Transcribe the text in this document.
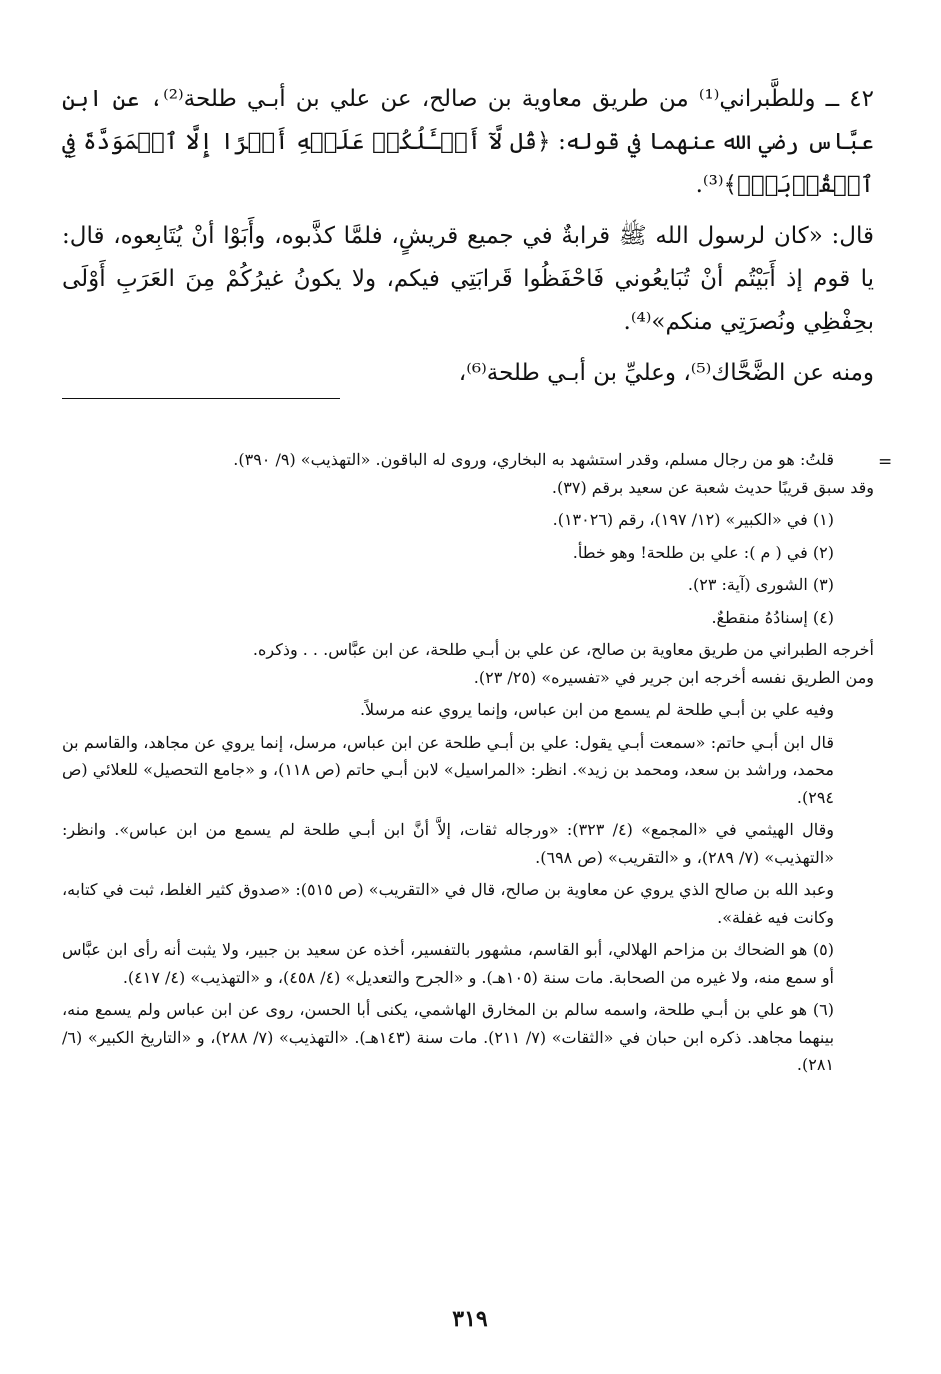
٤٢ ــ وللطَّبراني⁽¹⁾ من طريق معاوية بن صالح، عن علي بن أبـي طلحة⁽²⁾، عن ابن عبَّاس رضي الله عنهما في قوله: ﴿قُل لَّآ أَسۡـَٔلُكُمۡ عَلَيۡهِ أَجۡرًا إِلَّا ٱلۡمَوَدَّةَ فِي ٱلۡقُرۡبَىٰۗ﴾⁽³⁾.

قال: «كان لرسول الله ﷺ قرابةٌ في جميع قريشٍ، فلمَّا كذَّبوه، وأَبَوْا أنْ يُتَابِعوه، قال: يا قوم إذ أَبَيْتُم أنْ تُبَايعُوني فَاحْفَظُوا قَرابَتِي فيكم، ولا يكونُ غيرُكُمْ مِنَ العَرَبِ أَوْلَى بحِفْظِي ونُصرَتِي منكم»⁽⁴⁾.

ومنه عن الضَّحَّاك⁽⁵⁾، وعليِّ بن أبـي طلحة⁽⁶⁾،

=

قلتُ: هو من رجال مسلم، وقدر استشهد به البخاري، وروى له الباقون. «التهذيب» (٩/ ٣٩٠).

وقد سبق قريبًا حديث شعبة عن سعيد برقم (٣٧).

(١) في «الكبير» (١٢/ ١٩٧)، رقم (١٣٠٢٦).

(٢) في ( م ): علي بن طلحة! وهو خطأ.

(٣) الشورى (آية: ٢٣).

(٤) إسنادُهُ منقطعٌ.

أخرجه الطبراني من طريق معاوية بن صالح، عن علي بن أبـي طلحة، عن ابن عبَّاس. . . وذكره.

ومن الطريق نفسه أخرجه ابن جرير في «تفسيره» (٢٥/ ٢٣).

وفيه علي بن أبـي طلحة لم يسمع من ابن عباس، وإنما يروي عنه مرسلاً.

قال ابن أبـي حاتم: «سمعت أبـي يقول: علي بن أبـي طلحة عن ابن عباس، مرسل، إنما يروي عن مجاهد، والقاسم بن محمد، وراشد بن سعد، ومحمد بن زيد». انظر: «المراسيل» لابن أبـي حاتم (ص ١١٨)، و «جامع التحصيل» للعلائي (ص ٢٩٤).

وقال الهيثمي في «المجمع» (٤/ ٣٢٣): «ورجاله ثقات، إلاَّ أنَّ ابن أبـي طلحة لم يسمع من ابن عباس». وانظر: «التهذيب» (٧/ ٢٨٩)، و «التقريب» (ص ٦٩٨).

وعبد الله بن صالح الذي يروي عن معاوية بن صالح، قال في «التقريب» (ص ٥١٥): «صدوق كثير الغلط، ثبت في كتابه، وكانت فيه غفلة».

(٥) هو الضحاك بن مزاحم الهلالي، أبو القاسم، مشهور بالتفسير، أخذه عن سعيد بن جبير، ولا يثبت أنه رأى ابن عبَّاس أو سمع منه، ولا غيره من الصحابة. مات سنة (١٠٥هـ). و «الجرح والتعديل» (٤/ ٤٥٨)، و «التهذيب» (٤/ ٤١٧).

(٦) هو علي بن أبـي طلحة، واسمه سالم بن المخارق الهاشمي، يكنى أبا الحسن، روى عن ابن عباس ولم يسمع منه، بينهما مجاهد. ذكره ابن حبان في «الثقات» (٧/ ٢١١). مات سنة (١٤٣هـ). «التهذيب» (٧/ ٢٨٨)، و «التاريخ الكبير» (٦/ ٢٨١).

٣١٩
